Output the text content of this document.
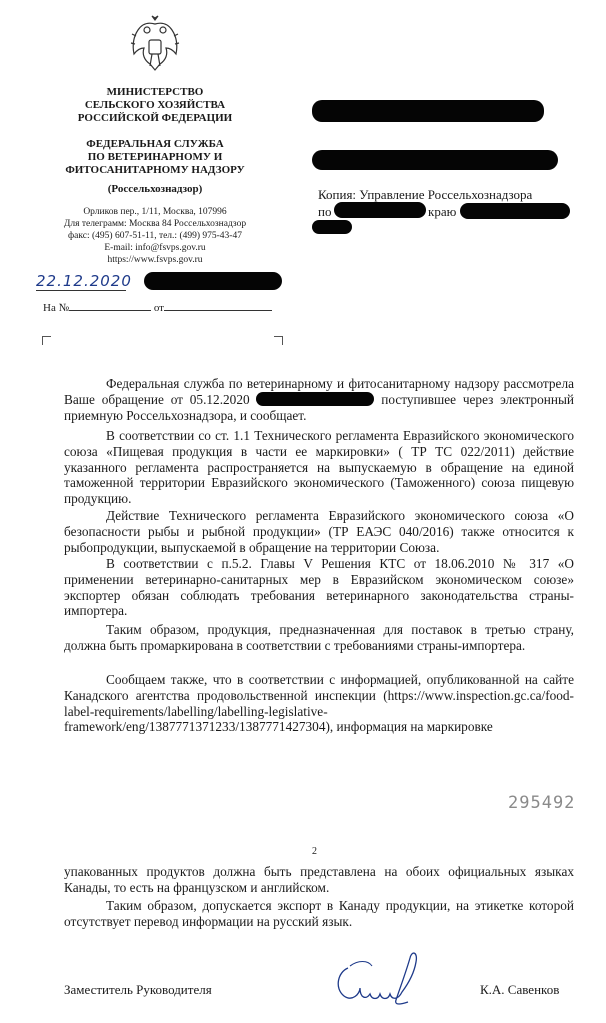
МИНИСТЕРСТВО
СЕЛЬСКОГО ХОЗЯЙСТВА
РОССИЙСКОЙ ФЕДЕРАЦИИ
ФЕДЕРАЛЬНАЯ СЛУЖБА
ПО ВЕТЕРИНАРНОМУ И
ФИТОСАНИТАРНОМУ НАДЗОРУ
(Россельхознадзор)
Орликов пер., 1/11, Москва, 107996
Для телеграмм: Москва 84 Россельхознадзор
факс: (495) 607-51-11, тел.: (499) 975-43-47
E-mail: info@fsvps.gov.ru
https://www.fsvps.gov.ru
Копия: Управление Россельхознадзора
по	краю
22.12.2020
На №	от
Федеральная служба по ветеринарному и фитосанитарному надзору рассмотрела Ваше обращение от 05.12.2020	поступившее через электронный приемную Россельхознадзора, и сообщает.

В соответствии со ст. 1.1 Технического регламента Евразийского экономического союза «Пищевая продукция в части ее маркировки» ( ТР ТС 022/2011) действие указанного регламента распространяется на выпускаемую в обращение на единой таможенной территории Евразийского экономического (Таможенного) союза пищевую продукцию.

Действие Технического регламента Евразийского экономического союза «О безопасности рыбы и рыбной продукции» (ТР ЕАЭС 040/2016) также относится к рыбопродукции, выпускаемой в обращение на территории Союза.

В соответствии с п.5.2. Главы V Решения КТС от 18.06.2010 № 317 «О применении ветеринарно-санитарных мер в Евразийском экономическом союзе» экспортер обязан соблюдать требования ветеринарного законодательства страны-импортера.

Таким образом, продукция, предназначенная для поставок в третью страну, должна быть промаркирована в соответствии с требованиями страны-импортера.

Сообщаем также, что в соответствии с информацией, опубликованной на сайте Канадского агентства продовольственной инспекции (https://www.inspection.gc.ca/food-label-requirements/labelling/labelling-legislative-framework/eng/1387771371233/1387771427304), информация на маркировке

295492
2

упакованных продуктов должна быть представлена на обоих официальных языках Канады, то есть на французском и английском.

Таким образом, допускается экспорт в Канаду продукции, на этикетке которой отсутствует перевод информации на русский язык.

Заместитель Руководителя	К.А. Савенков
